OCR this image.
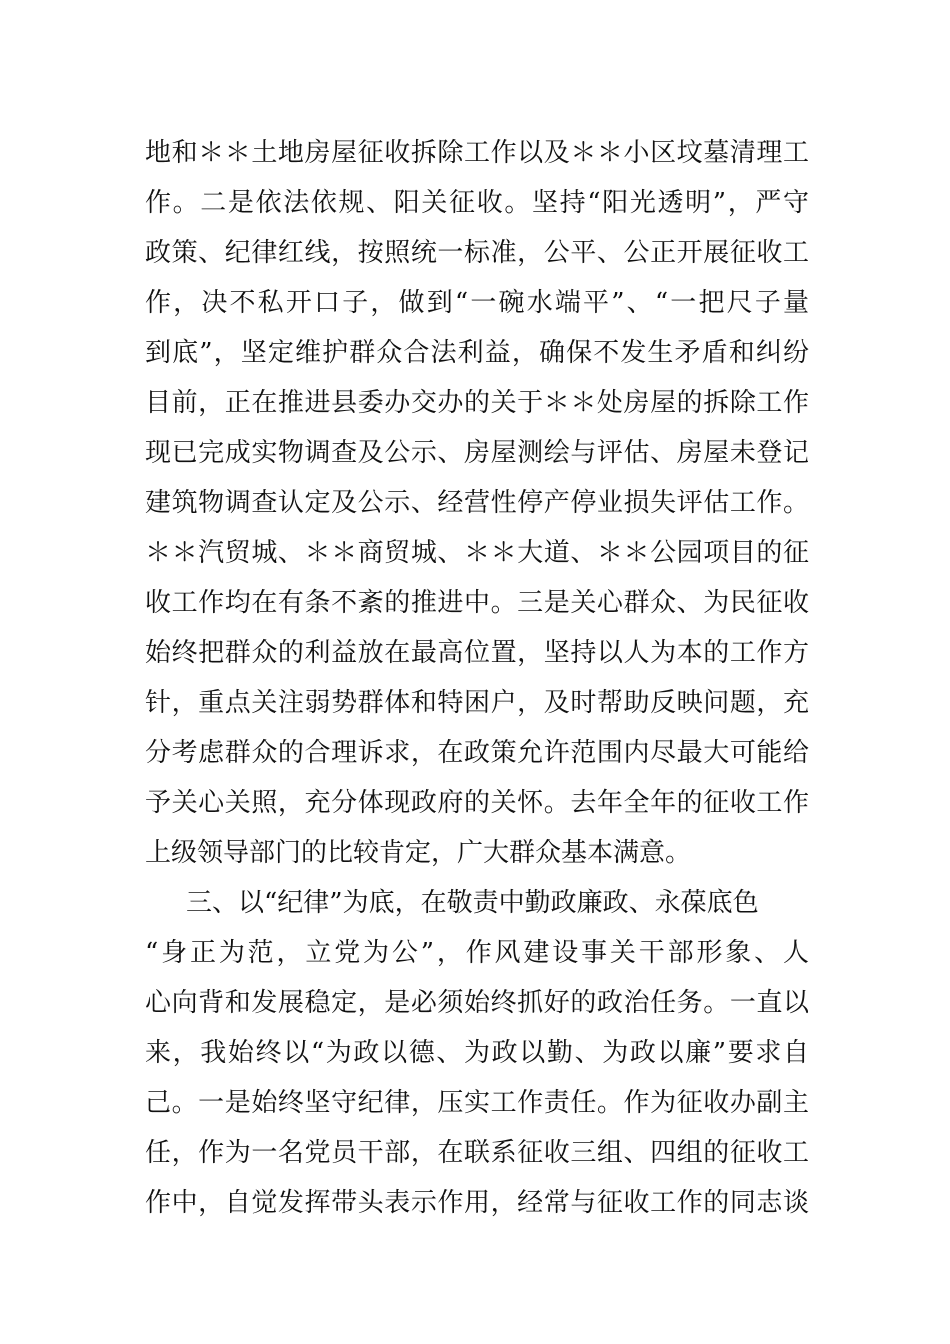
地和＊＊土地房屋征收拆除工作以及＊＊小区坟墓清理工
作。二是依法依规、阳关征收。坚持“阳光透明”，严守
政策、纪律红线，按照统一标准，公平、公正开展征收工
作，决不私开口子，做到“一碗水端平”、“一把尺子量
到底”，坚定维护群众合法利益，确保不发生矛盾和纠纷
目前，正在推进县委办交办的关于＊＊处房屋的拆除工作
现已完成实物调查及公示、房屋测绘与评估、房屋未登记
建筑物调查认定及公示、经营性停产停业损失评估工作。
＊＊汽贸城、＊＊商贸城、＊＊大道、＊＊公园项目的征
收工作均在有条不紊的推进中。三是关心群众、为民征收
始终把群众的利益放在最高位置，坚持以人为本的工作方
针，重点关注弱势群体和特困户，及时帮助反映问题，充
分考虑群众的合理诉求，在政策允许范围内尽最大可能给
予关心关照，充分体现政府的关怀。去年全年的征收工作
上级领导部门的比较肯定，广大群众基本满意。
三、以“纪律”为底，在敬责中勤政廉政、永葆底色
“身正为范，立党为公”，作风建设事关干部形象、人
心向背和发展稳定，是必须始终抓好的政治任务。一直以
来，我始终以“为政以德、为政以勤、为政以廉”要求自
己。一是始终坚守纪律，压实工作责任。作为征收办副主
任，作为一名党员干部，在联系征收三组、四组的征收工
作中，自觉发挥带头表示作用，经常与征收工作的同志谈
